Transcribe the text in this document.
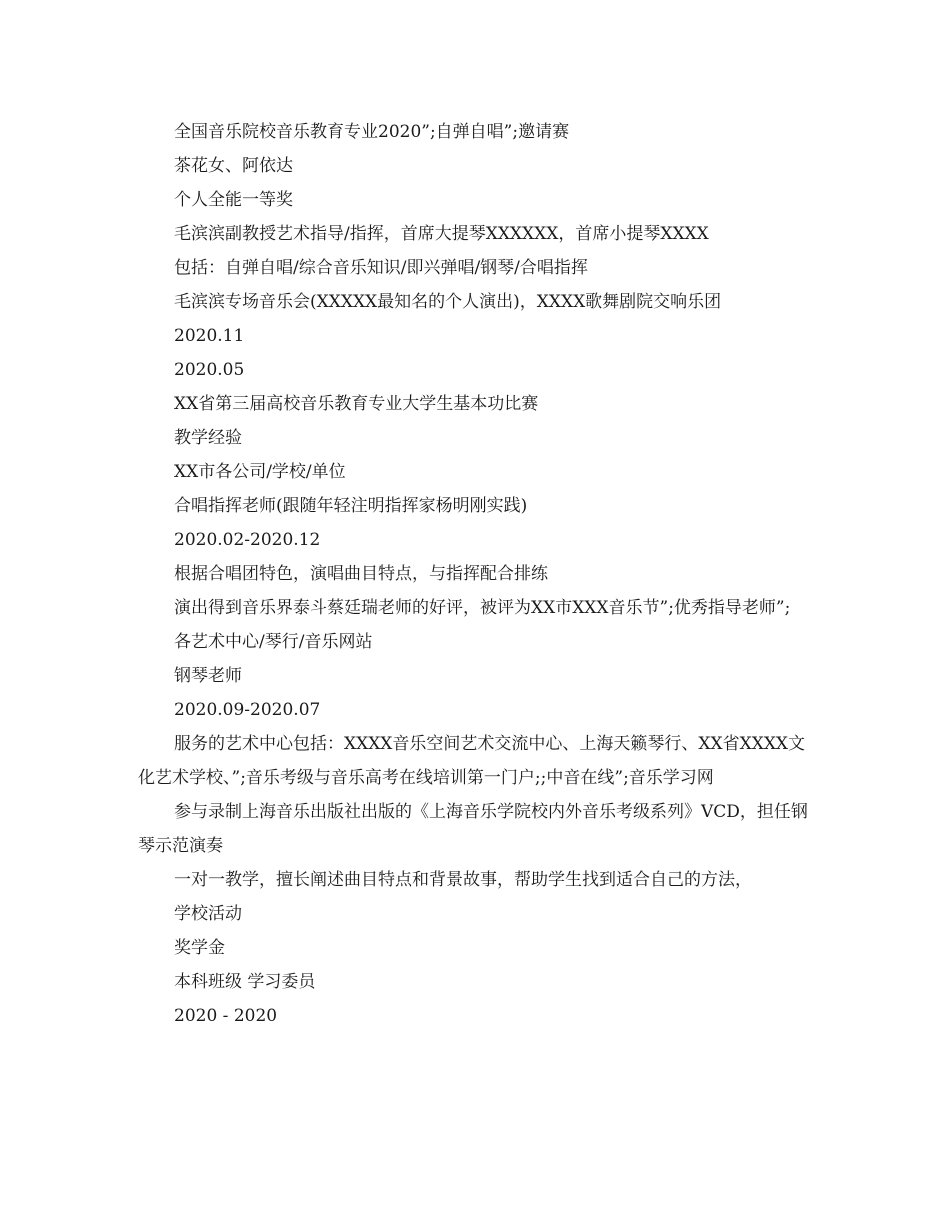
全国音乐院校音乐教育专业2020”;自弹自唱”;邀请赛

茶花女、阿依达

个人全能一等奖

毛滨滨副教授艺术指导/指挥，首席大提琴XXXXXX，首席小提琴XXXX

包括：自弹自唱/综合音乐知识/即兴弹唱/钢琴/合唱指挥

毛滨滨专场音乐会(XXXXX最知名的个人演出)，XXXX歌舞剧院交响乐团

2020.11

2020.05

XX省第三届高校音乐教育专业大学生基本功比赛

教学经验

XX市各公司/学校/单位

合唱指挥老师(跟随年轻注明指挥家杨明刚实践)

2020.02-2020.12

根据合唱团特色，演唱曲目特点，与指挥配合排练

演出得到音乐界泰斗蔡廷瑞老师的好评，被评为XX市XXX音乐节”;优秀指导老师”;

各艺术中心/琴行/音乐网站

钢琴老师

2020.09-2020.07

服务的艺术中心包括：XXXX音乐空间艺术交流中心、上海天籁琴行、XX省XXXX文化艺术学校、”;音乐考级与音乐高考在线培训第一门户;;中音在线”;音乐学习网

参与录制上海音乐出版社出版的《上海音乐学院校内外音乐考级系列》VCD，担任钢琴示范演奏

一对一教学，擅长阐述曲目特点和背景故事，帮助学生找到适合自己的方法，

学校活动

奖学金

本科班级 学习委员

2020 - 2020
